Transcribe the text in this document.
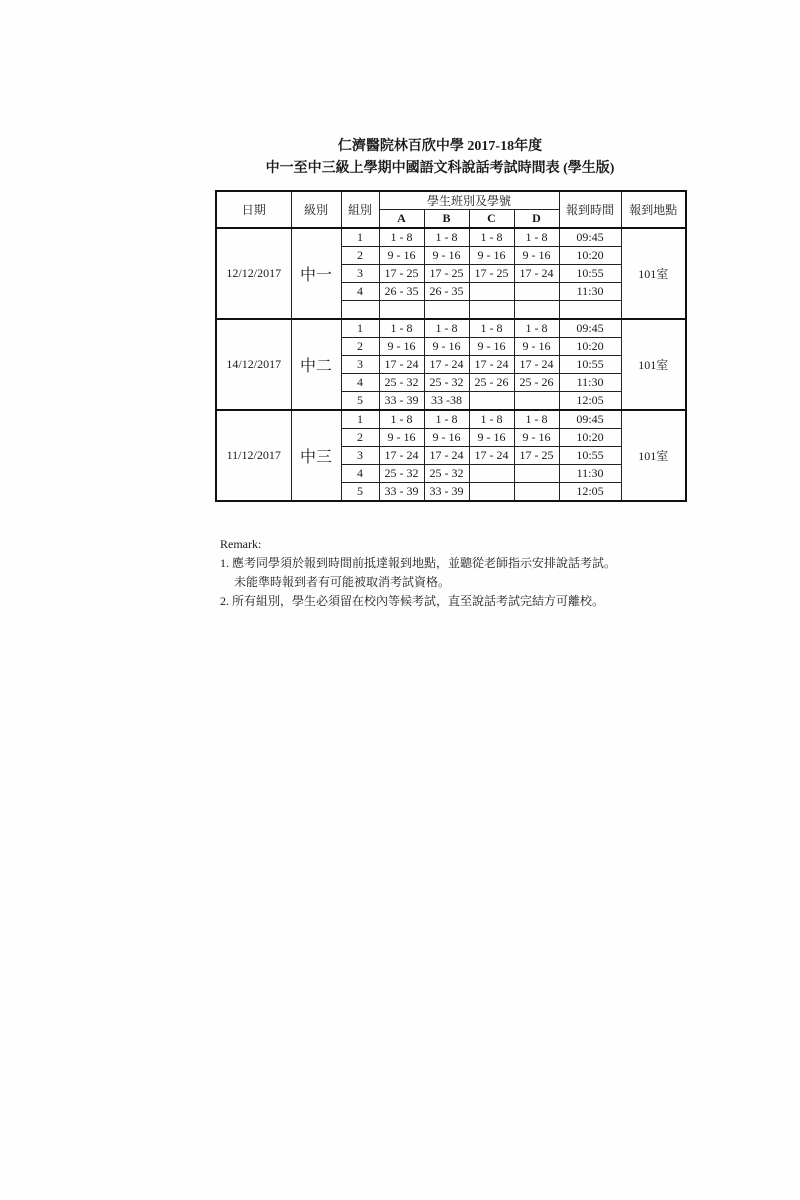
仁濟醫院林百欣中學 2017-18年度
中一至中三級上學期中國語文科說話考試時間表 (學生版)
日期	級別	組別	學生班別及學號				報到時間	報到地點
			A	B	C	D		
12/12/2017	中一	1	1 - 8	1 - 8	1 - 8	1 - 8	09:45	101室
		2	9 - 16	9 - 16	9 - 16	9 - 16	10:20	
		3	17 - 25	17 - 25	17 - 25	17 - 24	10:55	
		4	26 - 35	26 - 35			11:30	

14/12/2017	中二	1	1 - 8	1 - 8	1 - 8	1 - 8	09:45	101室
		2	9 - 16	9 - 16	9 - 16	9 - 16	10:20	
		3	17 - 24	17 - 24	17 - 24	17 - 24	10:55	
		4	25 - 32	25 - 32	25 - 26	25 - 26	11:30	
		5	33 - 39	33 -38			12:05	
11/12/2017	中三	1	1 - 8	1 - 8	1 - 8	1 - 8	09:45	101室
		2	9 - 16	9 - 16	9 - 16	9 - 16	10:20	
		3	17 - 24	17 - 24	17 - 24	17 - 25	10:55	
		4	25 - 32	25 - 32			11:30	
		5	33 - 39	33 - 39			12:05	
Remark:
1. 應考同學須於報到時間前抵達報到地點，並聽從老師指示安排說話考試。
未能準時報到者有可能被取消考試資格。
2. 所有組別，學生必須留在校內等候考試，直至說話考試完結方可離校。
